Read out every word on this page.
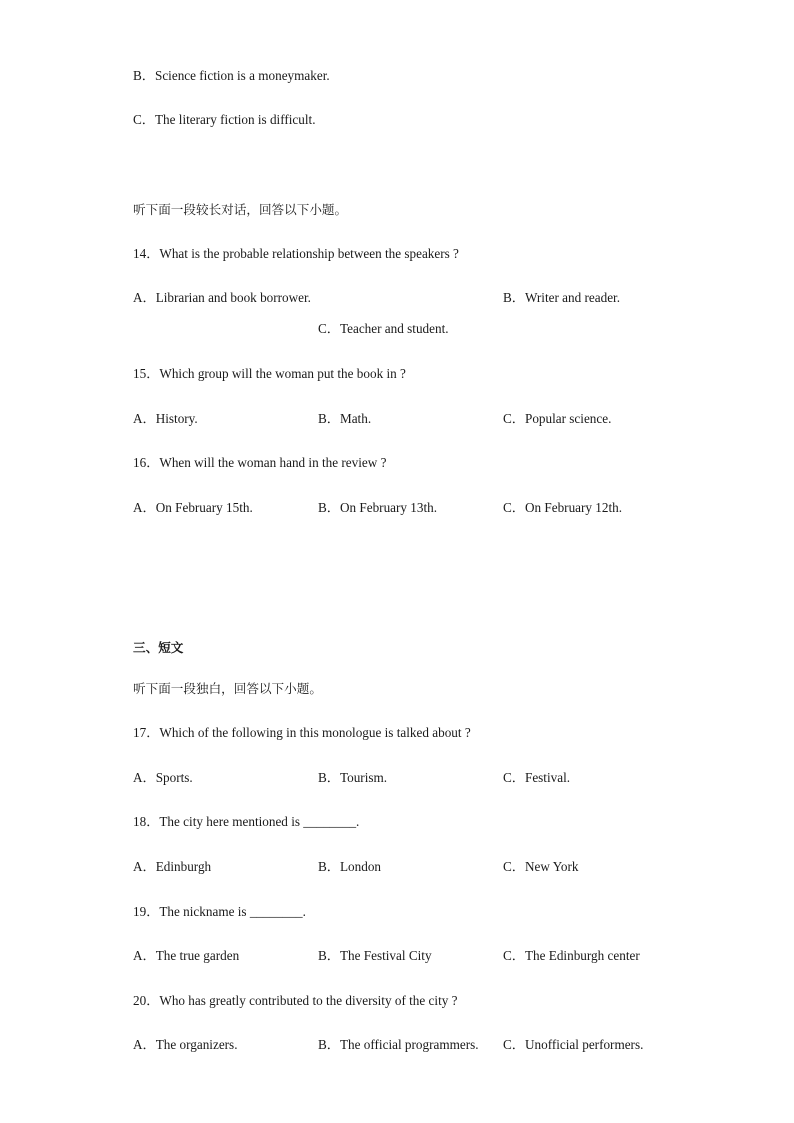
B．Science fiction is a moneymaker.
C．The literary fiction is difficult.
听下面一段较长对话，回答以下小题。
14．What is the probable relationship between the speakers ?
A．Librarian and book borrower.	B．Writer and reader.
C．Teacher and student.
15．Which group will the woman put the book in ?
A．History.	B．Math.	C．Popular science.
16．When will the woman hand in the review ?
A．On February 15th.	B．On February 13th.	C．On February 12th.
三、短文
听下面一段独白，回答以下小题。
17．Which of the following in this monologue is talked about ?
A．Sports.	B．Tourism.	C．Festival.
18．The city here mentioned is ________.
A．Edinburgh	B．London	C．New York
19．The nickname is ________.
A．The true garden	B．The Festival City	C．The Edinburgh center
20．Who has greatly contributed to the diversity of the city ?
A．The organizers.	B．The official programmers. C．Unofficial performers.
